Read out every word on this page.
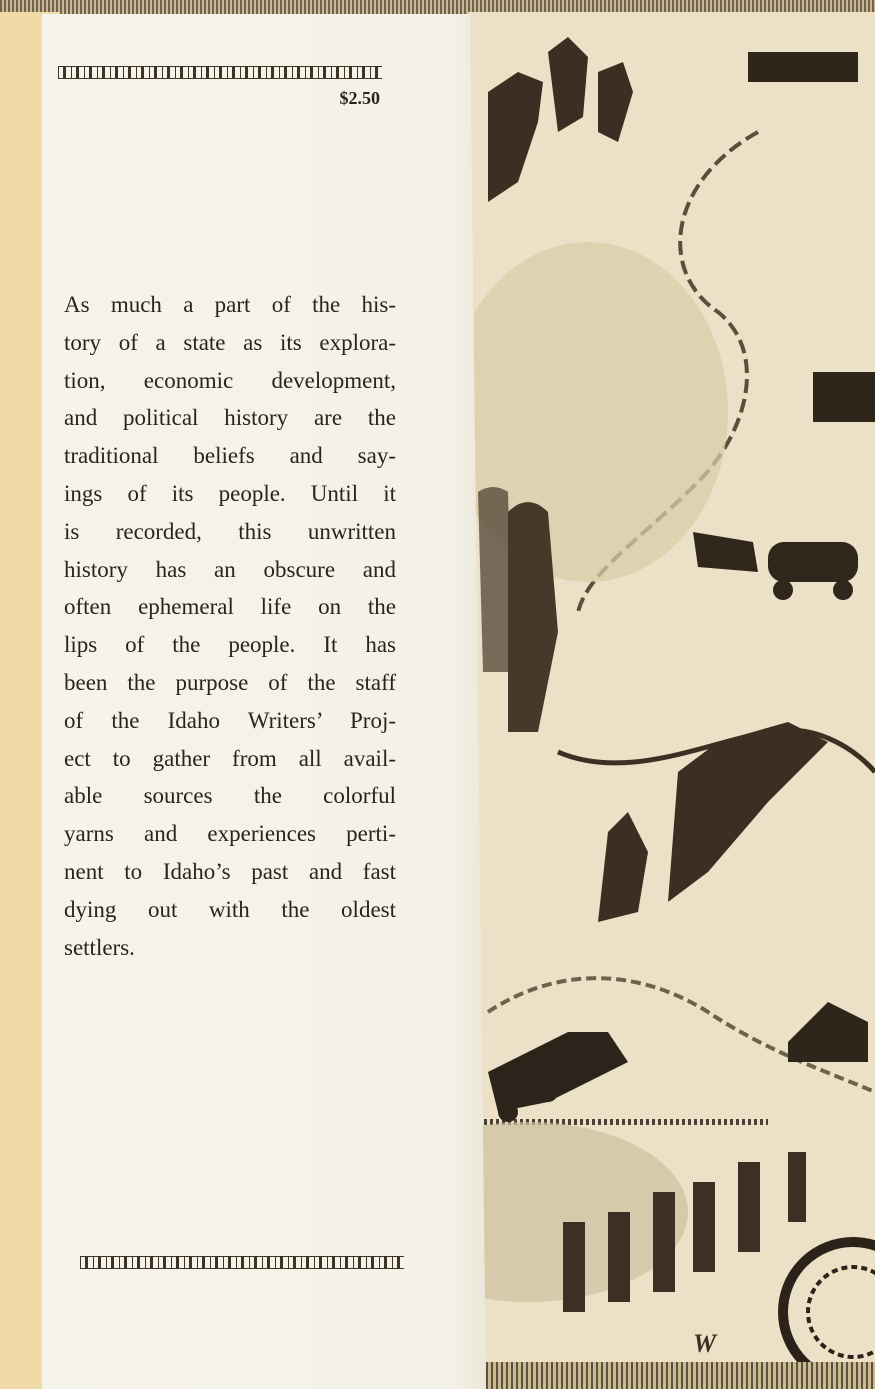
W
$2.50
As much a part of the his-
tory of a state as its explora-
tion, economic development,
and political history are the
traditional beliefs and say-
ings of its people. Until it
is recorded, this unwritten
history has an obscure and
often ephemeral life on the
lips of the people. It has
been the purpose of the staff
of the Idaho Writers’ Proj-
ect to gather from all avail-
able sources the colorful
yarns and experiences perti-
nent to Idaho’s past and fast
dying out with the oldest
settlers.
